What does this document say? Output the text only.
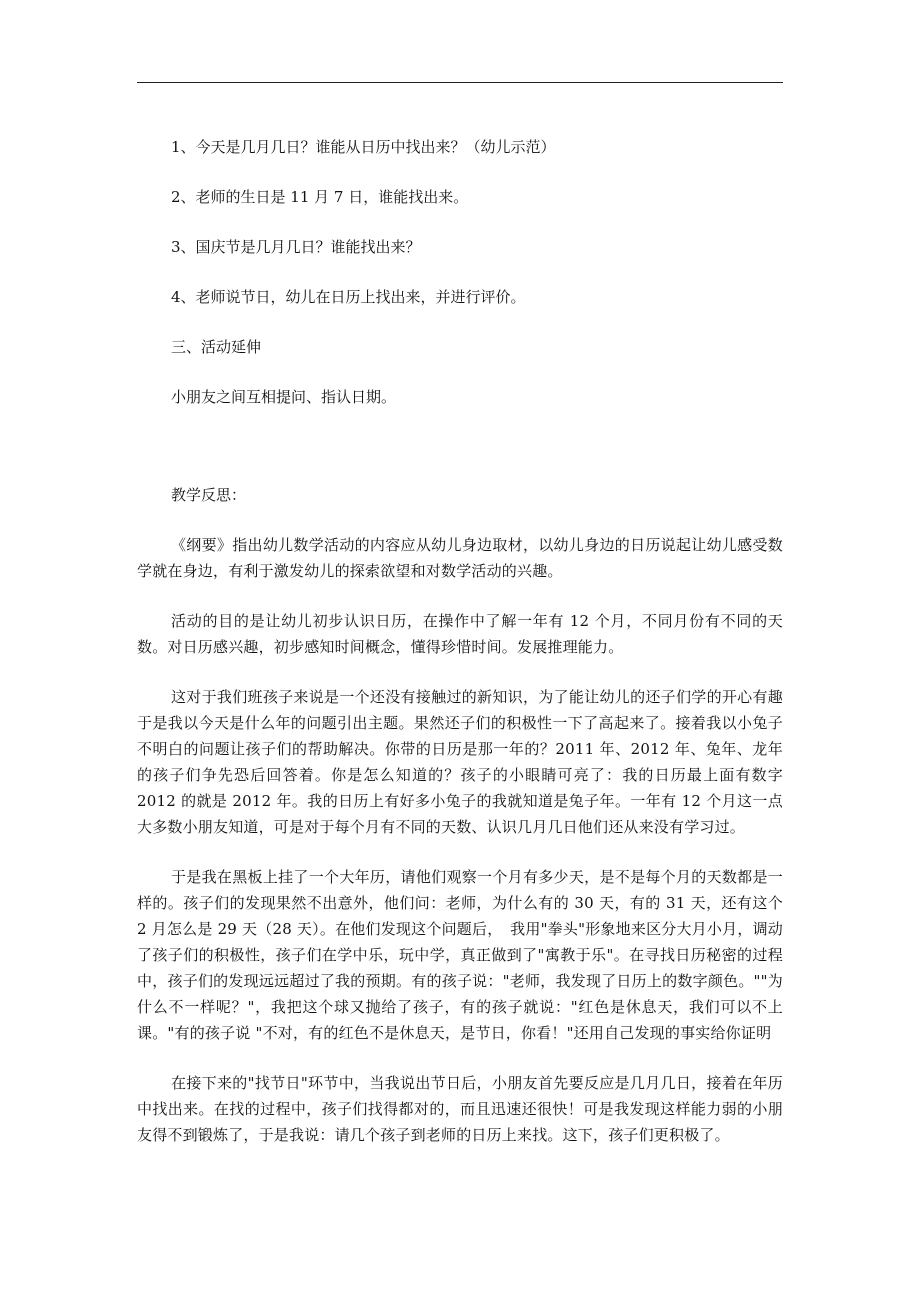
1、今天是几月几日？谁能从日历中找出来？（幼儿示范）
2、老师的生日是 11 月 7 日，谁能找出来。
3、国庆节是几月几日？谁能找出来？
4、老师说节日，幼儿在日历上找出来，并进行评价。
三、活动延伸
小朋友之间互相提问、指认日期。
教学反思：
《纲要》指出幼儿数学活动的内容应从幼儿身边取材，以幼儿身边的日历说起让幼儿感受数学就在身边，有利于激发幼儿的探索欲望和对数学活动的兴趣。
活动的目的是让幼儿初步认识日历，在操作中了解一年有 12 个月，不同月份有不同的天数。对日历感兴趣，初步感知时间概念，懂得珍惜时间。发展推理能力。
这对于我们班孩子来说是一个还没有接触过的新知识，为了能让幼儿的还子们学的开心有趣于是我以今天是什么年的问题引出主题。果然还子们的积极性一下了高起来了。接着我以小兔子不明白的问题让孩子们的帮助解决。你带的日历是那一年的？2011 年、2012 年、兔年、龙年的孩子们争先恐后回答着。你是怎么知道的？孩子的小眼睛可亮了：我的日历最上面有数字 2012 的就是 2012 年。我的日历上有好多小兔子的我就知道是兔子年。一年有 12 个月这一点大多数小朋友知道，可是对于每个月有不同的天数、认识几月几日他们还从来没有学习过。
于是我在黑板上挂了一个大年历，请他们观察一个月有多少天，是不是每个月的天数都是一样的。孩子们的发现果然不出意外，他们问：老师，为什么有的 30 天，有的 31 天，还有这个 2 月怎么是 29 天（28 天）。在他们发现这个问题后，　我用"拳头"形象地来区分大月小月，调动了孩子们的积极性，孩子们在学中乐，玩中学，真正做到了"寓教于乐"。在寻找日历秘密的过程中，孩子们的发现远远超过了我的预期。有的孩子说："老师，我发现了日历上的数字颜色。""为什么不一样呢？"，我把这个球又抛给了孩子，有的孩子就说："红色是休息天，我们可以不上课。"有的孩子说 "不对，有的红色不是休息天，是节日，你看！"还用自己发现的事实给你证明
在接下来的"找节日"环节中，当我说出节日后，小朋友首先要反应是几月几日，接着在年历中找出来。在找的过程中，孩子们找得都对的，而且迅速还很快！可是我发现这样能力弱的小朋友得不到锻炼了，于是我说：请几个孩子到老师的日历上来找。这下，孩子们更积极了。
